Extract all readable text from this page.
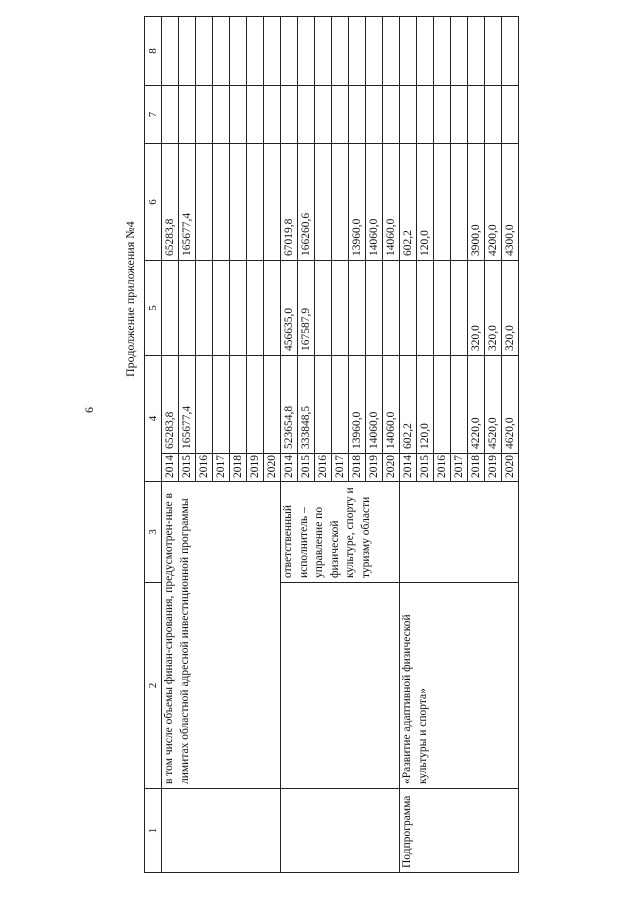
6
Продолжение приложения №4
1	2	3	4		5	6	7	8
	в том числе объемы финан-сирования, предусмотрен-ные в лимитах областной адресной инвестиционной программы		2014	65283,8		65283,8		
			2015	165677,4		165677,4		
			2016					
			2017					
			2018					
			2019					
			2020					
		ответственный исполнитель – управление по физической культуре, спорту и туризму области	2014	523654,8	456635,0	67019,8		
			2015	333848,5	167587,9	166260,6		
			2016					
			2017					
			2018	13960,0		13960,0		
			2019	14060,0		14060,0		
			2020	14060,0		14060,0		
Подпрограмма	«Развитие адаптивной физической культуры и спорта»		2014	602,2		602,2		
			2015	120,0		120,0		
			2016					
			2017					
			2018	4220,0	320,0	3900,0		
			2019	4520,0	320,0	4200,0		
			2020	4620,0	320,0	4300,0		
